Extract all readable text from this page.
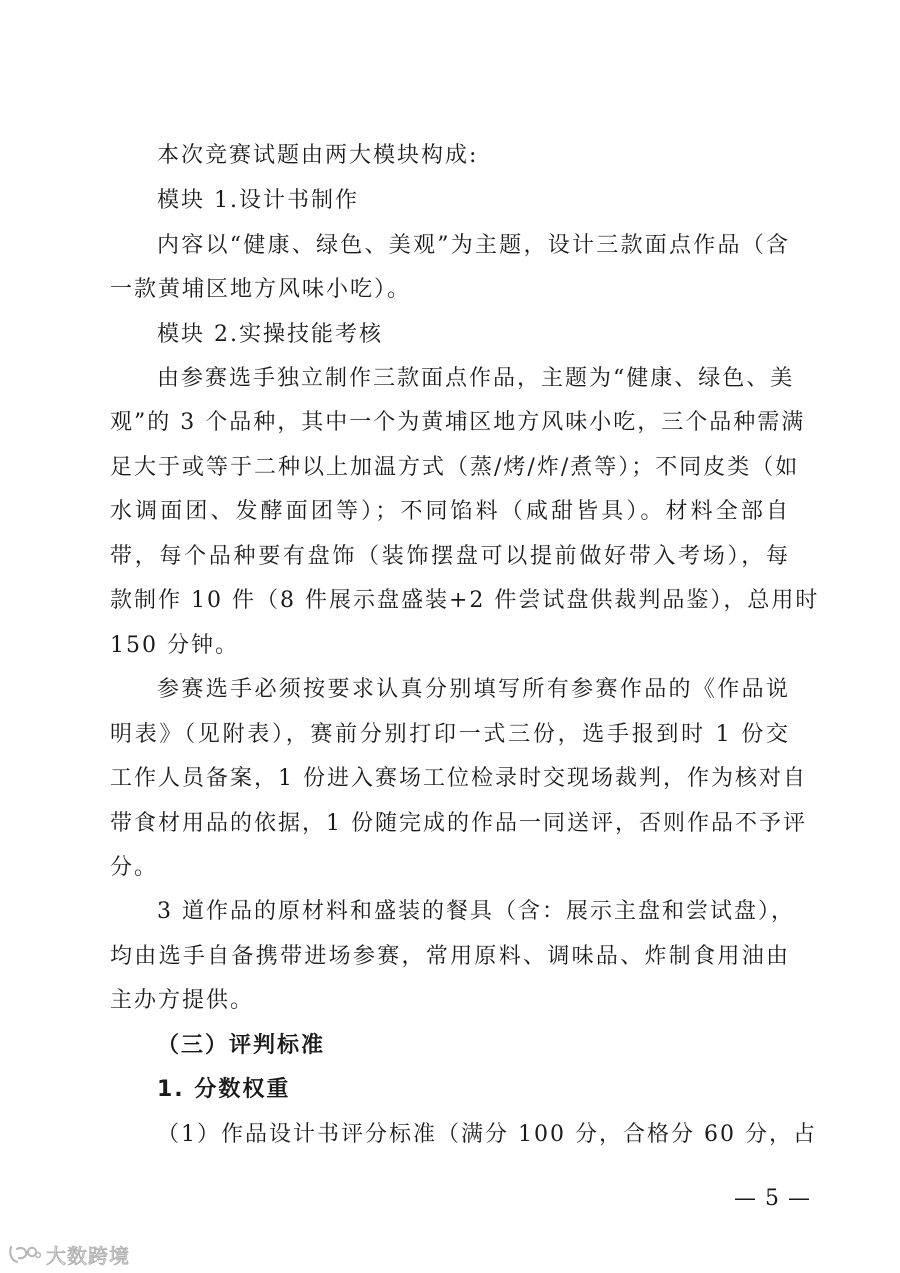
本次竞赛试题由两大模块构成:
模块 1.设计书制作
内容以“健康、绿色、美观”为主题，设计三款面点作品（含
一款黄埔区地方风味小吃）。
模块 2.实操技能考核
由参赛选手独立制作三款面点作品，主题为“健康、绿色、美
观”的 3 个品种，其中一个为黄埔区地方风味小吃，三个品种需满
足大于或等于二种以上加温方式（蒸/烤/炸/煮等）；不同皮类（如
水调面团、发酵面团等）；不同馅料（咸甜皆具）。材料全部自
带，每个品种要有盘饰（装饰摆盘可以提前做好带入考场），每
款制作 10 件（8 件展示盘盛装+2 件尝试盘供裁判品鉴），总用时
150 分钟。
参赛选手必须按要求认真分别填写所有参赛作品的《作品说
明表》（见附表），赛前分别打印一式三份，选手报到时 1 份交
工作人员备案，1 份进入赛场工位检录时交现场裁判，作为核对自
带食材用品的依据，1 份随完成的作品一同送评，否则作品不予评
分。
3 道作品的原材料和盛装的餐具（含：展示主盘和尝试盘），
均由选手自备携带进场参赛，常用原料、调味品、炸制食用油由
主办方提供。
（三）评判标准
1. 分数权重
（1）作品设计书评分标准（满分 100 分，合格分 60 分，占
— 5 —
大数跨境
